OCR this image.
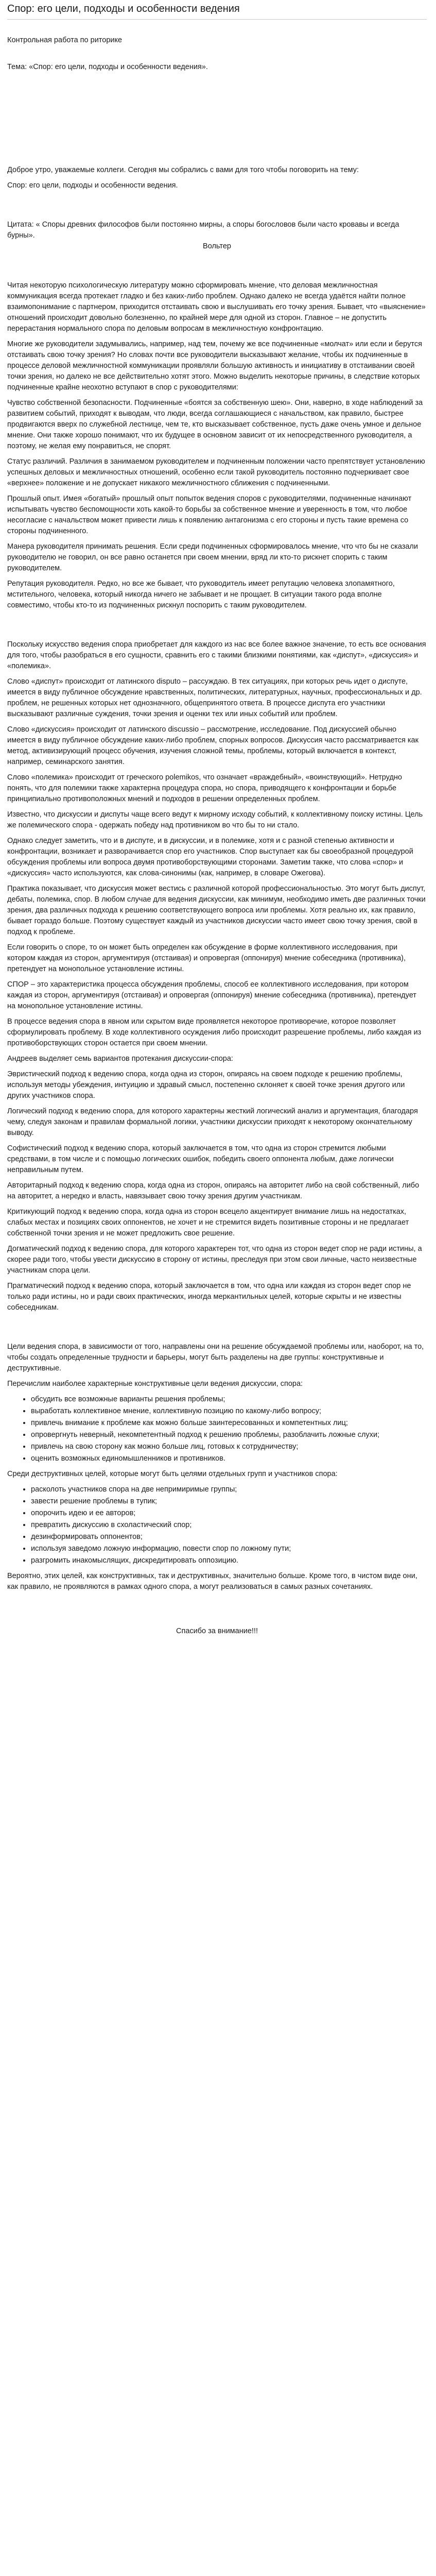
Спор: его цели, подходы и особенности ведения

Контрольная работа по риторике

Тема: «Спор: его цели, подходы и особенности ведения».

Доброе утро, уважаемые коллеги. Сегодня мы собрались с вами для того чтобы поговорить на тему:

Спор: его цели, подходы и особенности ведения.

Цитата: « Споры древних философов были постоянно мирны, а споры богословов были часто кровавы и всегда бурны».

Вольтер

Читая некоторую психологическую литературу можно сформировать мнение, что деловая межличностная коммуникация всегда протекает гладко и без каких-либо проблем. Однако далеко не всегда удаётся найти полное взаимопонимание с партнером, приходится отстаивать свою и выслушивать его точку зрения. Бывает, что «выяснение» отношений происходит довольно болезненно, по крайней мере для одной из сторон. Главное – не допустить перерастания нормального спора по деловым вопросам в межличностную конфронтацию.

Многие же руководители задумывались, например, над тем, почему же все подчиненные «молчат» или если и берутся отстаивать свою точку зрения? Но словах почти все руководители высказывают желание, чтобы их подчиненные в процессе деловой межличностной коммуникации проявляли большую активность и инициативу в отстаивании своей точки зрения, но далеко не все действительно хотят этого. Можно выделить некоторые причины, в следствие которых подчиненные крайне неохотно вступают в спор с руководителями:

Чувство собственной безопасности. Подчиненные «боятся за собственную шею». Они, наверно, в ходе наблюдений за развитием событий, приходят к выводам, что люди, всегда соглашающиеся с начальством, как правило, быстрее продвигаются вверх по служебной лестнице, чем те, кто высказывает собственное, пусть даже очень умное и дельное мнение. Они также хорошо понимают, что их будущее в основном зависит от их непосредственного руководителя, а поэтому, не желая ему понравиться, не спорят.

Статус различий. Различия в занимаемом руководителем и подчиненным положении часто препятствует установлению успешных деловых и межличностных отношений, особенно если такой руководитель постоянно подчеркивает свое «верхнее» положение и не допускает никакого межличностного сближения с подчиненными.

Прошлый опыт. Имея «богатый» прошлый опыт попыток ведения споров с руководителями, подчиненные начинают испытывать чувство беспомощности хоть какой-то борьбы за собственное мнение и уверенность в том, что любое несогласие с начальством может привести лишь к появлению антагонизма с его стороны и пусть такие времена со стороны подчиненного.

Манера руководителя принимать решения. Если среди подчиненных сформировалось мнение, что что бы не сказали руководителю не говорил, он все равно останется при своем мнении, вряд ли кто-то рискнет спорить с таким руководителем.

Репутация руководителя. Редко, но все же бывает, что руководитель имеет репутацию человека злопамятного, мстительного, человека, который никогда ничего не забывает и не прощает. В ситуации такого рода вполне совместимо, чтобы кто-то из подчиненных рискнул поспорить с таким руководителем.

Поскольку искусство ведения спора приобретает для каждого из нас все более важное значение, то есть все основания для того, чтобы разобраться в его сущности, сравнить его с такими близкими понятиями, как «диспут», «дискуссия» и «полемика».

Слово «диспут» происходит от латинского disputo – рассуждаю. В тех ситуациях, при которых речь идет о диспуте, имеется в виду публичное обсуждение нравственных, политических, литературных, научных, профессиональных и др. проблем, не решенных которых нет однозначного, общепринятого ответа. В процессе диспута его участники высказывают различные суждения, точки зрения и оценки тех или иных событий или проблем.

Слово «дискуссия» происходит от латинского discussio – рассмотрение, исследование. Под дискуссией обычно имеется в виду публичное обсуждение каких-либо проблем, спорных вопросов. Дискуссия часто рассматривается как метод, активизирующий процесс обучения, изучения сложной темы, проблемы, который включается в контекст, например, семинарского занятия.

Слово «полемика» происходит от греческого polemikos, что означает «враждебный», «воинствующий». Нетрудно понять, что для полемики также характерна процедура спора, но спора, приводящего к конфронтации и борьбе принципиально противоположных мнений и подходов в решении определенных проблем.

Известно, что дискуссии и диспуты чаще всего ведут к мирному исходу событий, к коллективному поиску истины. Цель же полемического спора - одержать победу над противником во что бы то ни стало.

Однако следует заметить, что и в диспуте, и в дискуссии, и в полемике, хотя и с разной степенью активности и конфронтации, возникает и разворачивается спор его участников. Спор выступает как бы своеобразной процедурой обсуждения проблемы или вопроса двумя противоборствующими сторонами. Заметим также, что слова «спор» и «дискуссия» часто используются, как слова-синонимы (как, например, в словаре Ожегова).

Практика показывает, что дискуссия может вестись с различной которой профессиональностью. Это могут быть диспут, дебаты, полемика, спор. В любом случае для ведения дискуссии, как минимум, необходимо иметь две различных точки зрения, два различных подхода к решению соответствующего вопроса или проблемы. Хотя реально их, как правило, бывает гораздо больше. Поэтому существует каждый из участников дискуссии часто имеет свою точку зрения, свой в подход к проблеме.

Если говорить о споре, то он может быть определен как обсуждение в форме коллективного исследования, при котором каждая из сторон, аргументируя (отстаивая) и опровергая (оппонируя) мнение собеседника (противника), претендует на монопольное установление истины.

СПОР – это характеристика процесса обсуждения проблемы, способ ее коллективного исследования, при котором каждая из сторон, аргументируя (отстаивая) и опровергая (оппонируя) мнение собеседника (противника), претендует на монопольное установление истины.

В процессе ведения спора в явном или скрытом виде проявляется некоторое противоречие, которое позволяет сформулировать проблему. В ходе коллективного осуждения либо происходит разрешение проблемы, либо каждая из противоборствующих сторон остается при своем мнении.

Андреев выделяет семь вариантов протекания дискуссии-спора:

Эвристический подход к ведению спора, когда одна из сторон, опираясь на своем подходе к решению проблемы, используя методы убеждения, интуицию и здравый смысл, постепенно склоняет к своей точке зрения другого или других участников спора.

Логический подход к ведению спора, для которого характерны жесткий логический анализ и аргументация, благодаря чему, следуя законам и правилам формальной логики, участники дискуссии приходят к некоторому окончательному выводу.

Софистический подход к ведению спора, который заключается в том, что одна из сторон стремится любыми средствами, в том числе и с помощью логических ошибок, победить своего оппонента любым, даже логически неправильным путем.

Авторитарный подход к ведению спора, когда одна из сторон, опираясь на авторитет либо на свой собственный, либо на авторитет, а нередко и власть, навязывает свою точку зрения другим участникам.

Критикующий подход к ведению спора, когда одна из сторон всецело акцентирует внимание лишь на недостатках, слабых местах и позициях своих оппонентов, не хочет и не стремится видеть позитивные стороны и не предлагает собственной точки зрения и не может предложить свое решение.

Догматический подход к ведению спора, для которого характерен тот, что одна из сторон ведет спор не ради истины, а скорее ради того, чтобы увести дискуссию в сторону от истины, преследуя при этом свои личные, часто неизвестные участникам спора цели.

Прагматический подход к ведению спора, который заключается в том, что одна или каждая из сторон ведет спор не только ради истины, но и ради своих практических, иногда меркантильных целей, которые скрыты и не известны собеседникам.

Цели ведения спора, в зависимости от того, направлены они на решение обсуждаемой проблемы или, наоборот, на то, чтобы создать определенные трудности и барьеры, могут быть разделены на две группы: конструктивные и деструктивные.

Перечислим наиболее характерные конструктивные цели ведения дискуссии, спора:

• обсудить все возможные варианты решения проблемы;
• выработать коллективное мнение, коллективную позицию по какому-либо вопросу;
• привлечь внимание к проблеме как можно больше заинтересованных и компетентных лиц;
• опровергнуть неверный, некомпетентный подход к решению проблемы, разоблачить ложные слухи;
• привлечь на свою сторону как можно больше лиц, готовых к сотрудничеству;
• оценить возможных единомышленников и противников.

Среди деструктивных целей, которые могут быть целями отдельных групп и участников спора:

• расколоть участников спора на две непримиримые группы;
• завести решение проблемы в тупик;
• опорочить идею и ее авторов;
• превратить дискуссию в схоластический спор;
• дезинформировать оппонентов;
• используя заведомо ложную информацию, повести спор по ложному пути;
• разгромить инакомыслящих, дискредитировать оппозицию.

Вероятно, этих целей, как конструктивных, так и деструктивных, значительно больше. Кроме того, в чистом виде они, как правило, не проявляются в рамках одного спора, а могут реализоваться в самых разных сочетаниях.

Спасибо за внимание!!!
